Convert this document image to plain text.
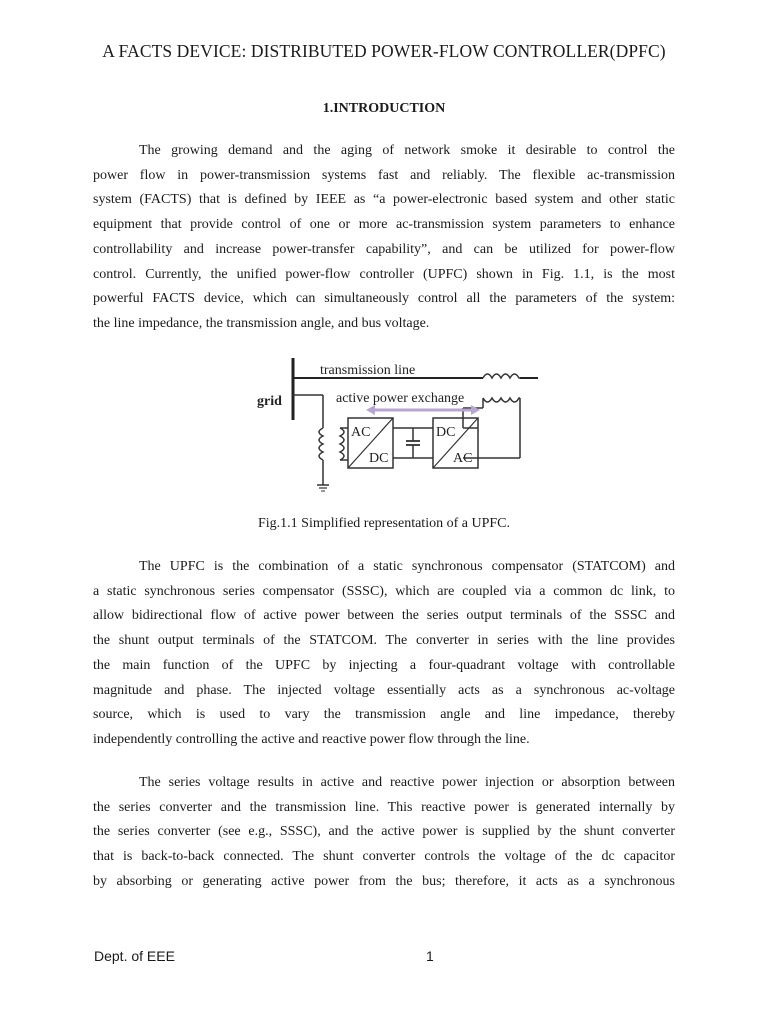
A FACTS DEVICE: DISTRIBUTED POWER-FLOW CONTROLLER(DPFC)
1.INTRODUCTION
The growing demand and the aging of network smoke it desirable to control the
power flow in power-transmission systems fast and reliably. The flexible ac-transmission
system (FACTS) that is defined by IEEE as “a power-electronic based system and other static
equipment that provide control of one or more ac-transmission system parameters to enhance
controllability and increase power-transfer capability”, and can be utilized for power-flow
control. Currently, the unified power-flow controller (UPFC) shown in Fig. 1.1, is the most
powerful FACTS device, which can simultaneously control all the parameters of the system:
the line impedance, the transmission angle, and bus voltage.
AC
DC
DC
AC
transmission line
grid	active power exchange

Fig.1.1 Simplified representation of a UPFC.

The UPFC is the combination of a static synchronous compensator (STATCOM) and
a static synchronous series compensator (SSSC), which are coupled via a common dc link, to
allow bidirectional flow of active power between the series output terminals of the SSSC and
the shunt output terminals of the STATCOM. The converter in series with the line provides
the main function of the UPFC by injecting a four-quadrant voltage with controllable
magnitude and phase. The injected voltage essentially acts as a synchronous ac-voltage
source, which is used to vary the transmission angle and line impedance, thereby
independently controlling the active and reactive power flow through the line.
The series voltage results in active and reactive power injection or absorption between
the series converter and the transmission line. This reactive power is generated internally by
the series converter (see e.g., SSSC), and the active power is supplied by the shunt converter
that is back-to-back connected. The shunt converter controls the voltage of the dc capacitor
by absorbing or generating active power from the bus; therefore, it acts as a synchronous
Dept. of EEE	1
